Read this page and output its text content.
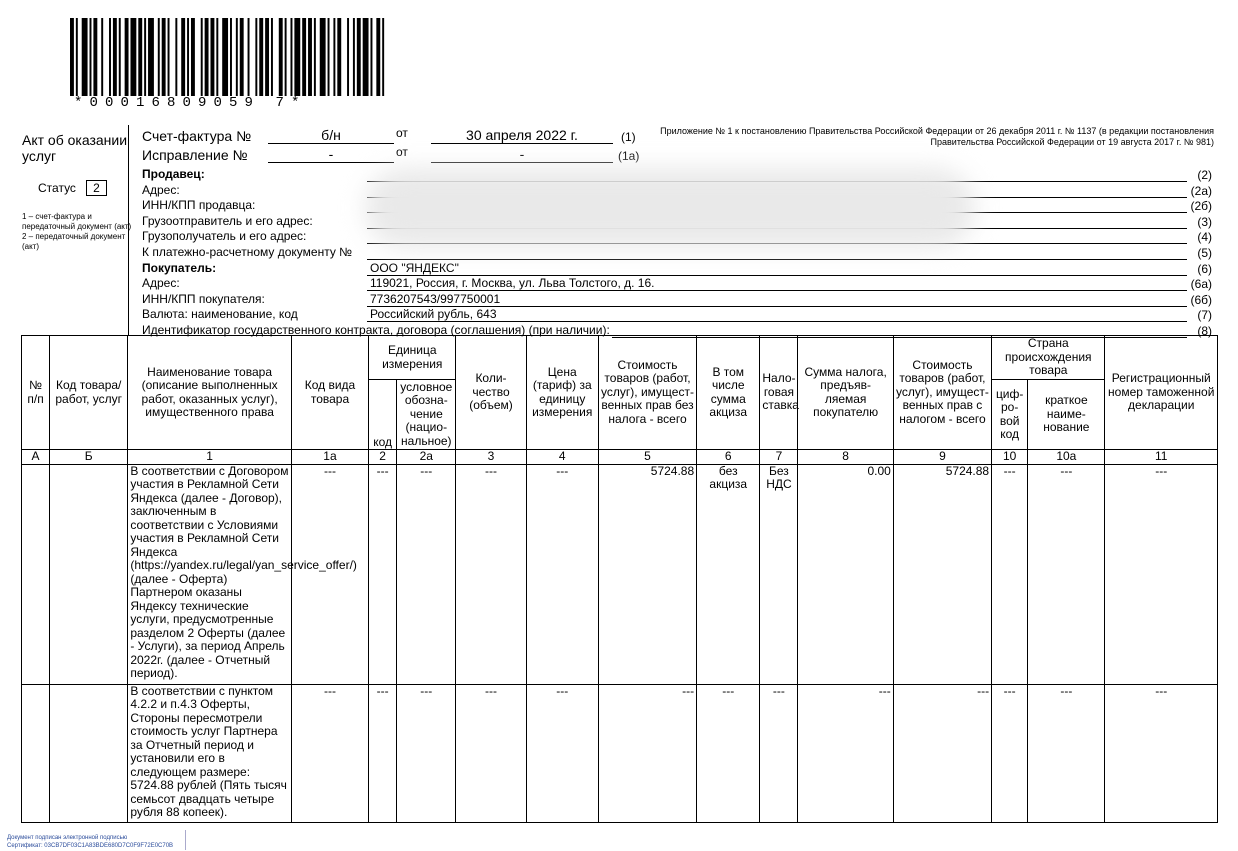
*00016809059 7*
Акт об оказании услуг
Статус 2
1 – счет-фактура и передаточный документ (акт)
2 – передаточный документ (акт)
Приложение № 1 к постановлению Правительства Российской Федерации от 26 декабря 2011 г. № 1137 (в редакции постановления Правительства Российской Федерации от 19 августа 2017 г. № 981)
Счет-фактура №	б/н	от	30 апреля 2022 г.	(1)
Исправление №	-	от	-	(1а)
Продавец:	(2)
Адрес:	(2а)
ИНН/КПП продавца:	(2б)
Грузоотправитель и его адрес:	(3)
Грузополучатель и его адрес:	(4)
К платежно-расчетному документу №	(5)
Покупатель:	ООО "ЯНДЕКС"	(6)
Адрес:	119021, Россия, г. Москва, ул. Льва Толстого, д. 16.	(6а)
ИНН/КПП покупателя:	7736207543/997750001	(6б)
Валюта: наименование, код	Российский рубль, 643	(7)
Идентификатор государственного контракта, договора (соглашения) (при наличии):	(8)
№ п/п	Код товара/ работ, услуг	Наименование товара (описание выполненных работ, оказанных услуг), имущественного права	Код вида товара	Единица измерения		Коли-чество (объем)	Цена (тариф) за единицу измерения	Стоимость товаров (работ, услуг), имущест-венных прав без налога - всего	В том числе сумма акциза	Нало-говая ставка	Сумма налога, предъяв-ляемая покупателю	Стоимость товаров (работ, услуг), имущест-венных прав с налогом - всего	Страна происхождения товара		Регистрационный номер таможенной декларации
				код	условное обозна-чение (нацио-нальное)								циф-ро-вой код	краткое наиме-нование	
А	Б	1	1а	2	2а	3	4	5	6	7	8	9	10	10а	11
		В соответствии с Договором участия в Рекламной Сети Яндекса (далее - Договор), заключенным в соответствии с Условиями участия в Рекламной Сети Яндекса (https://yandex.ru/legal/yan_service_offer/) (далее - Оферта) Партнером оказаны Яндексу технические услуги, предусмотренные разделом 2 Оферты (далее - Услуги), за период Апрель 2022г. (далее - Отчетный период).	---	---	---	---	---	5724.88	без акциза	Без НДС	0.00	5724.88	---	---	---
		В соответствии с пунктом 4.2.2 и п.4.3 Оферты, Стороны пересмотрели стоимость услуг Партнера за Отчетный период и установили его в следующем размере: 5724.88 рублей (Пять тысяч семьсот двадцать четыре рубля 88 копеек).	---	---	---	---	---	---	---	---	---	---	---	---	---
Документ подписан электронной подписью
Сертификат: 03CB7DF03C1A83BDE680D7C0F9F72E0C70B
